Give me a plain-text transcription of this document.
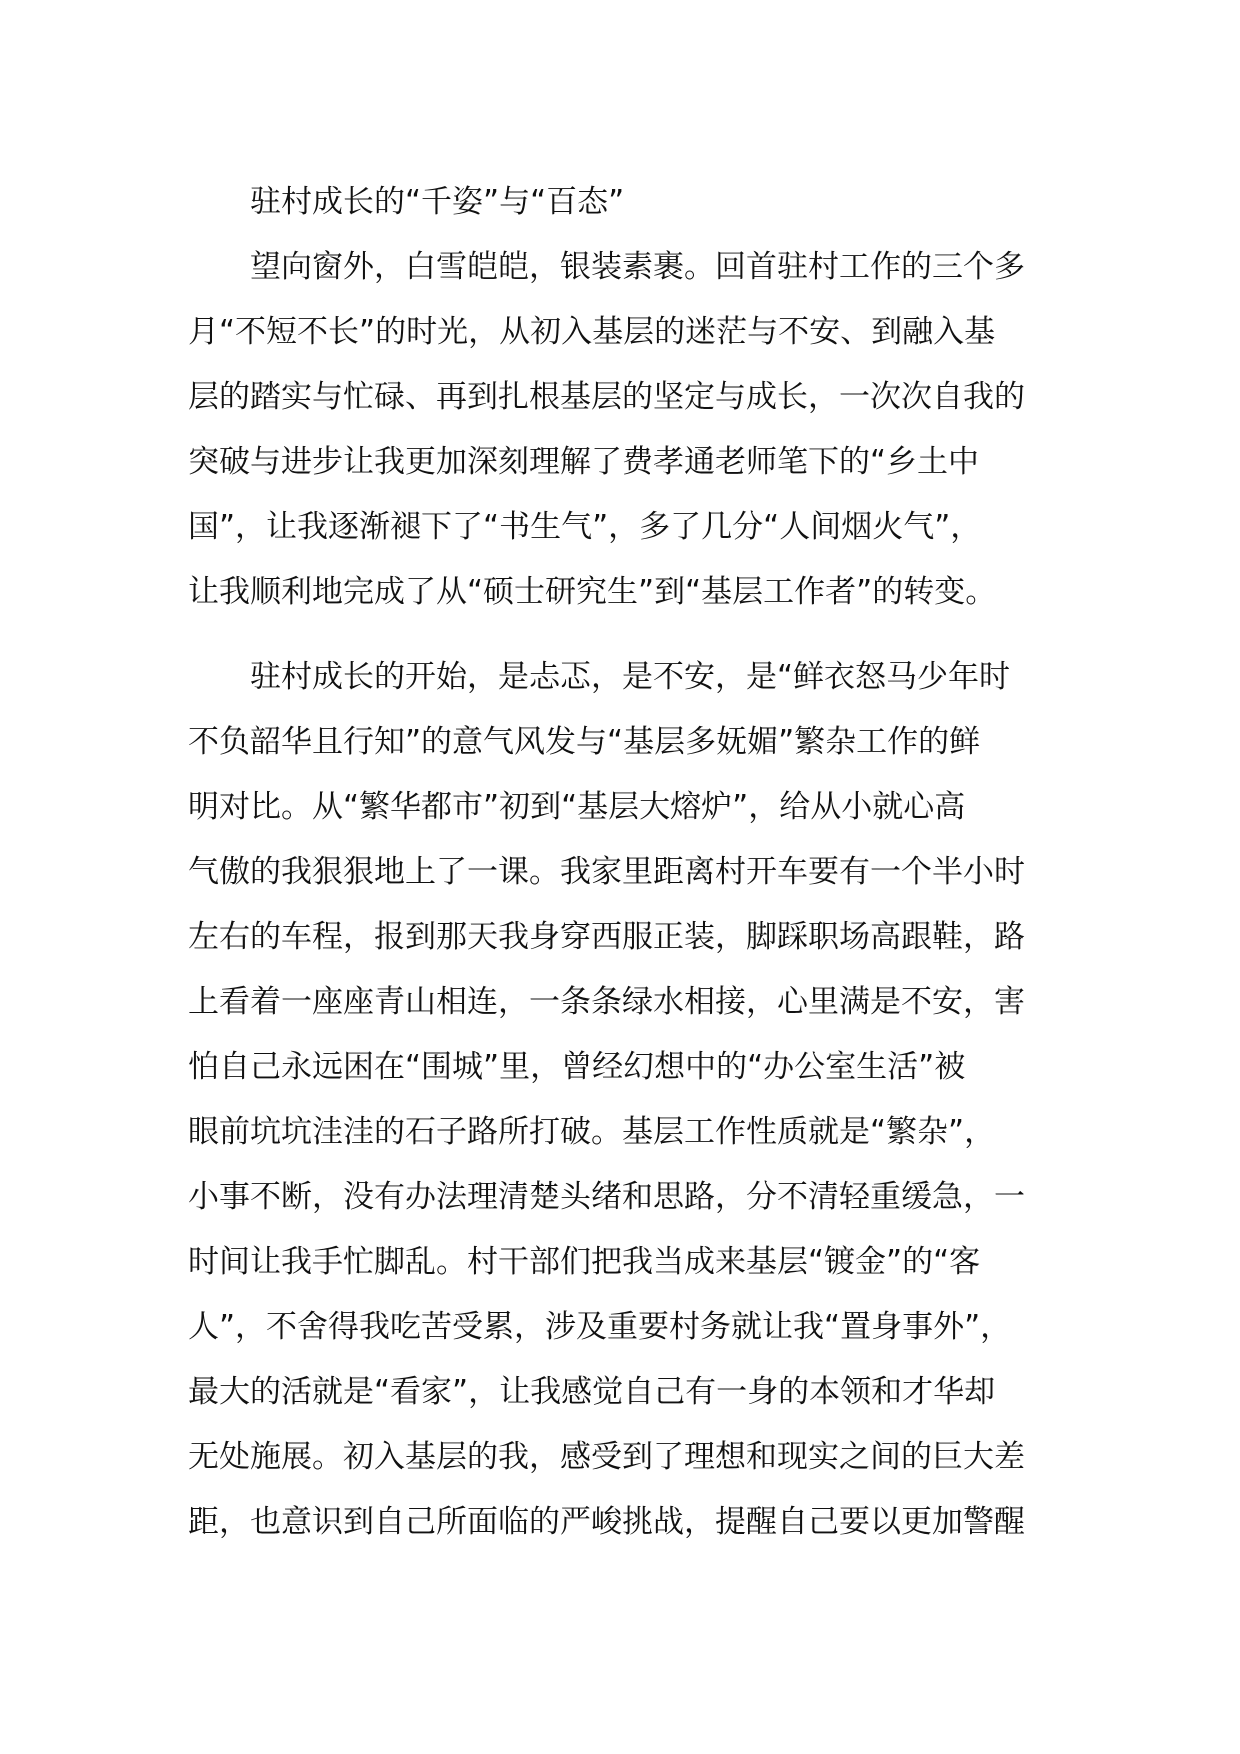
驻村成长的“千姿”与“百态”
望向窗外，白雪皑皑，银装素裹。回首驻村工作的三个多
月“不短不长”的时光，从初入基层的迷茫与不安、到融入基
层的踏实与忙碌、再到扎根基层的坚定与成长，一次次自我的
突破与进步让我更加深刻理解了费孝通老师笔下的“乡土中
国”，让我逐渐褪下了“书生气”，多了几分“人间烟火气”，
让我顺利地完成了从“硕士研究生”到“基层工作者”的转变。
驻村成长的开始，是忐忑，是不安，是“鲜衣怒马少年时
不负韶华且行知”的意气风发与“基层多妩媚”繁杂工作的鲜
明对比。从“繁华都市”初到“基层大熔炉”，给从小就心高
气傲的我狠狠地上了一课。我家里距离村开车要有一个半小时
左右的车程，报到那天我身穿西服正装，脚踩职场高跟鞋，路
上看着一座座青山相连，一条条绿水相接，心里满是不安，害
怕自己永远困在“围城”里，曾经幻想中的“办公室生活”被
眼前坑坑洼洼的石子路所打破。基层工作性质就是“繁杂”，
小事不断，没有办法理清楚头绪和思路，分不清轻重缓急，一
时间让我手忙脚乱。村干部们把我当成来基层“镀金”的“客
人”，不舍得我吃苦受累，涉及重要村务就让我“置身事外”，
最大的活就是“看家”，让我感觉自己有一身的本领和才华却
无处施展。初入基层的我，感受到了理想和现实之间的巨大差
距，也意识到自己所面临的严峻挑战，提醒自己要以更加警醒
